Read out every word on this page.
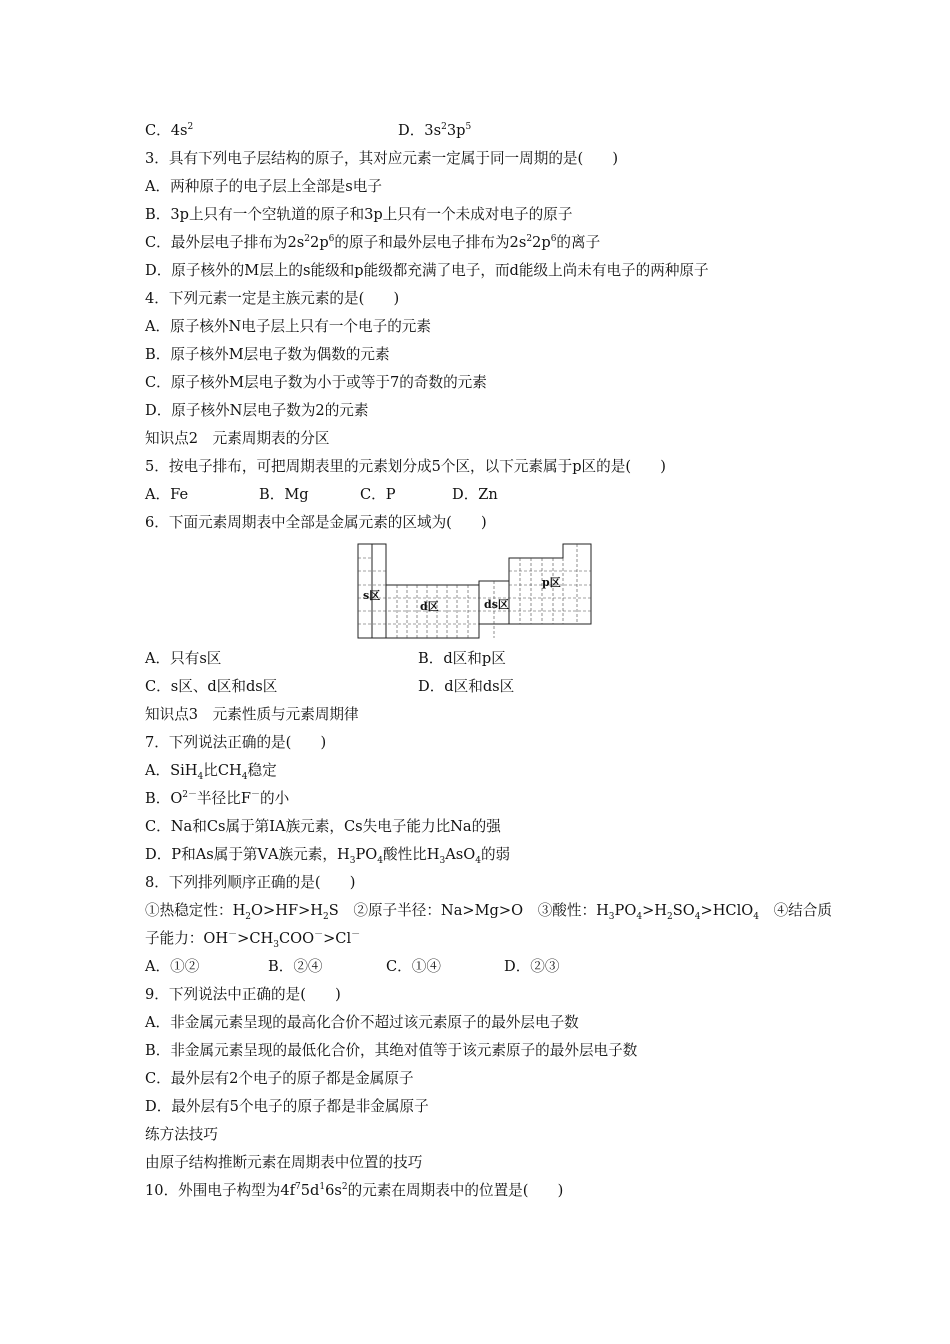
C．$4s^2$	D．$3s^23p^5$
3．具有下列电子层结构的原子，其对应元素一定属于同一周期的是(　　)
A．两种原子的电子层上全部是s电子
B．3p上只有一个空轨道的原子和3p上只有一个未成对电子的原子
C．最外层电子排布为$2s^22p^6$的原子和最外层电子排布为$2s^22p^6$的离子
D．原子核外的M层上的s能级和p能级都充满了电子，而d能级上尚未有电子的两种原子
4．下列元素一定是主族元素的是(　　)
A．原子核外N电子层上只有一个电子的元素
B．原子核外M层电子数为偶数的元素
C．原子核外M层电子数为小于或等于7的奇数的元素
D．原子核外N层电子数为2的元素
知识点2　元素周期表的分区
5．按电子排布，可把周期表里的元素划分成5个区，以下元素属于p区的是(　　)
A．Fe	B．Mg	C．P	D．Zn
6．下面元素周期表中全部是金属元素的区域为(　　)
s区
d区	ds区
p区
A．只有s区	B．d区和p区
C．s区、d区和ds区	D．d区和ds区
知识点3　元素性质与元素周期律
7．下列说法正确的是(　　)
A．SiH$_4$比$CH_4$稳定
B．$O^{2-}$半径比F－的小
C．Na和Cs属于第ⅠA族元素，Cs失电子能力比Na的强
D．P和As属于第ⅤA族元素，$H_3PO_4$酸性比$H_3AsO_4$的弱
8．下列排列顺序正确的是(　　)
①热稳定性：$H_2O>HF>H_2S$　②原子半径：Na>Mg>O　③酸性：$H_3PO_4>H_2SO_4>HClO_4$　④结合质
子能力：$OH^->CH_3COO^->Cl^-$
A．①②	B．②④	C．①④	D．②③
9．下列说法中正确的是(　　)
A．非金属元素呈现的最高化合价不超过该元素原子的最外层电子数
B．非金属元素呈现的最低化合价，其绝对值等于该元素原子的最外层电子数
C．最外层有2个电子的原子都是金属原子
D．最外层有5个电子的原子都是非金属原子
练方法技巧
由原子结构推断元素在周期表中位置的技巧
10．外围电子构型为$4f^75d^16s^2$的元素在周期表中的位置是(　　)
